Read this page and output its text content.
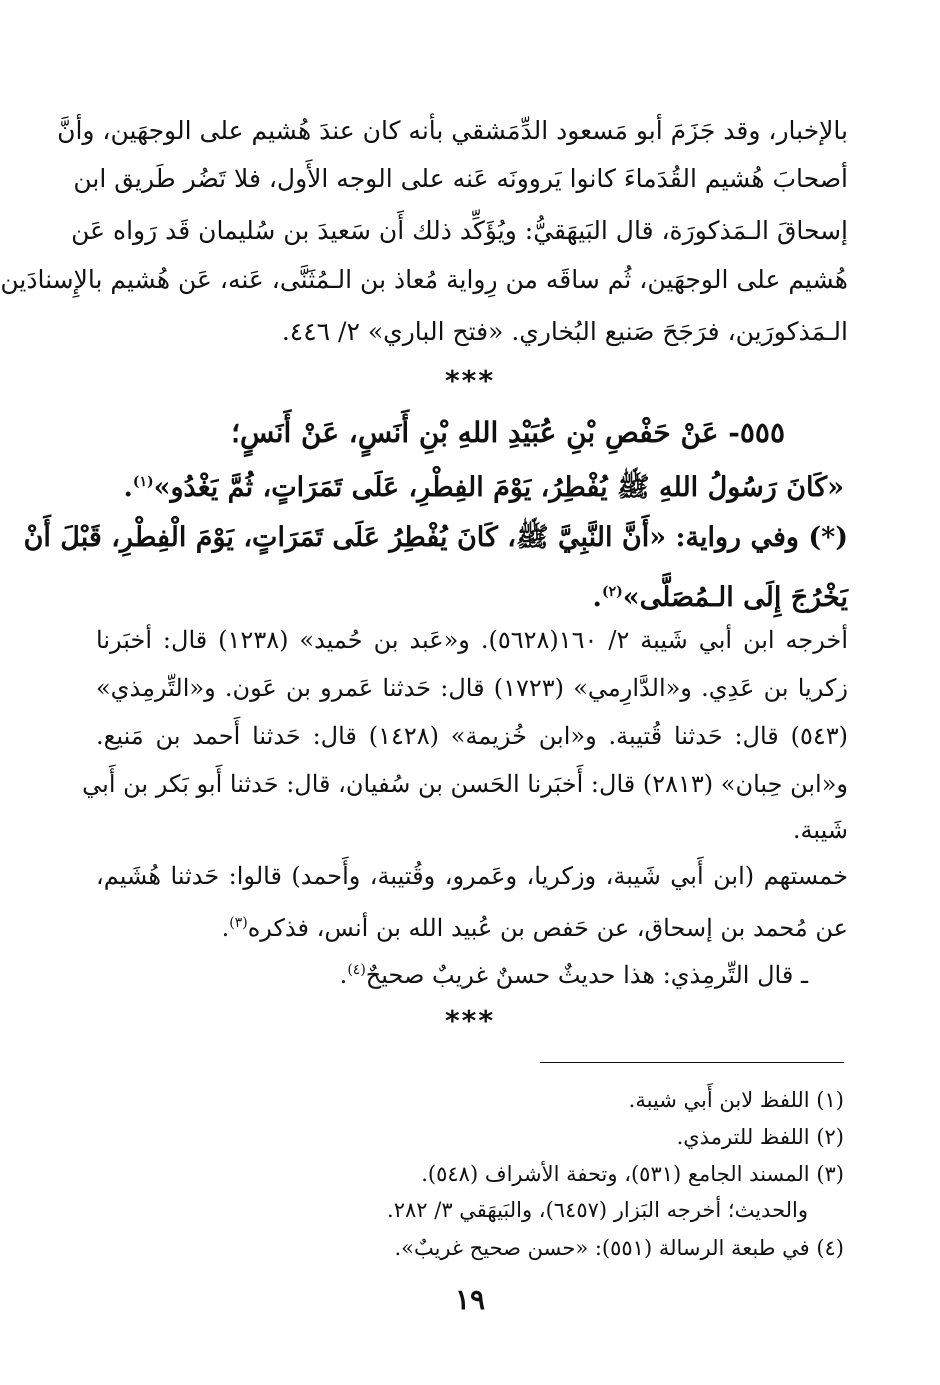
بالإخبار، وقد جَزَمَ أبو مَسعود الدِّمَشقي بأنه كان عندَ هُشيم على الوجهَين، وأنَّ
أصحابَ هُشيم القُدَماءَ كانوا يَروونَه عَنه على الوجه الأَول، فلا تَضُر طَريق ابن
إسحاقَ الـمَذكورَة، قال البَيهَقيُّ: ويُؤَكِّد ذلك أَن سَعيدَ بن سُليمان قَد رَواه عَن
هُشيم على الوجهَين، ثُم ساقَه من رِواية مُعاذ بن الـمُثَنَّى، عَنه، عَن هُشيم بالإِسنادَين
الـمَذكورَين، فرَجَحَ صَنيع البُخاري. «فتح الباري» ٢/ ٤٤٦.
***
٥٥٥- عَنْ حَفْصِ بْنِ عُبَيْدِ اللهِ بْنِ أَنَسٍ، عَنْ أَنَسٍ؛
«كَانَ رَسُولُ اللهِ ﷺ يُفْطِرُ، يَوْمَ الفِطْرِ، عَلَى تَمَرَاتٍ، ثُمَّ يَغْدُو»$^{(١)}$.
(*) وفي رواية: «أَنَّ النَّبِيَّ ﷺ، كَانَ يُفْطِرُ عَلَى تَمَرَاتٍ، يَوْمَ الْفِطْرِ، قَبْلَ أَنْ
يَخْرُجَ إِلَى الـمُصَلَّى»$^{(٢)}$.
أخرجه ابن أبي شَيبة ٢/ ١٦٠(٥٦٢٨). و«عَبد بن حُميد» (١٢٣٨) قال: أخبَرنا
زكريا بن عَدِي. و«الدَّارِمي» (١٧٢٣) قال: حَدثنا عَمرو بن عَون. و«التِّرمِذي»
(٥٤٣) قال: حَدثنا قُتيبة. و«ابن خُزيمة» (١٤٢٨) قال: حَدثنا أَحمد بن مَنيع.
و«ابن حِبان» (٢٨١٣) قال: أَخبَرنا الحَسن بن سُفيان، قال: حَدثنا أَبو بَكر بن أَبي
شَيبة.
خمستهم (ابن أَبي شَيبة، وزكريا، وعَمرو، وقُتيبة، وأَحمد) قالوا: حَدثنا هُشَيم،
عن مُحمد بن إسحاق، عن حَفص بن عُبيد الله بن أنس، فذكره$^{(٣)}$.
ـ قال التِّرمِذي: هذا حديثٌ حسنٌ غريبٌ صحيحٌ$^{(٤)}$.
***
(١) اللفظ لابن أَبي شيبة.
(٢) اللفظ للترمذي.
(٣) المسند الجامع (٥٣١)، وتحفة الأشراف (٥٤٨).
والحديث؛ أخرجه البَزار (٦٤٥٧)، والبَيهَقي ٣/ ٢٨٢.
(٤) في طبعة الرسالة (٥٥١): «حسن صحيح غريبٌ».
١٩
